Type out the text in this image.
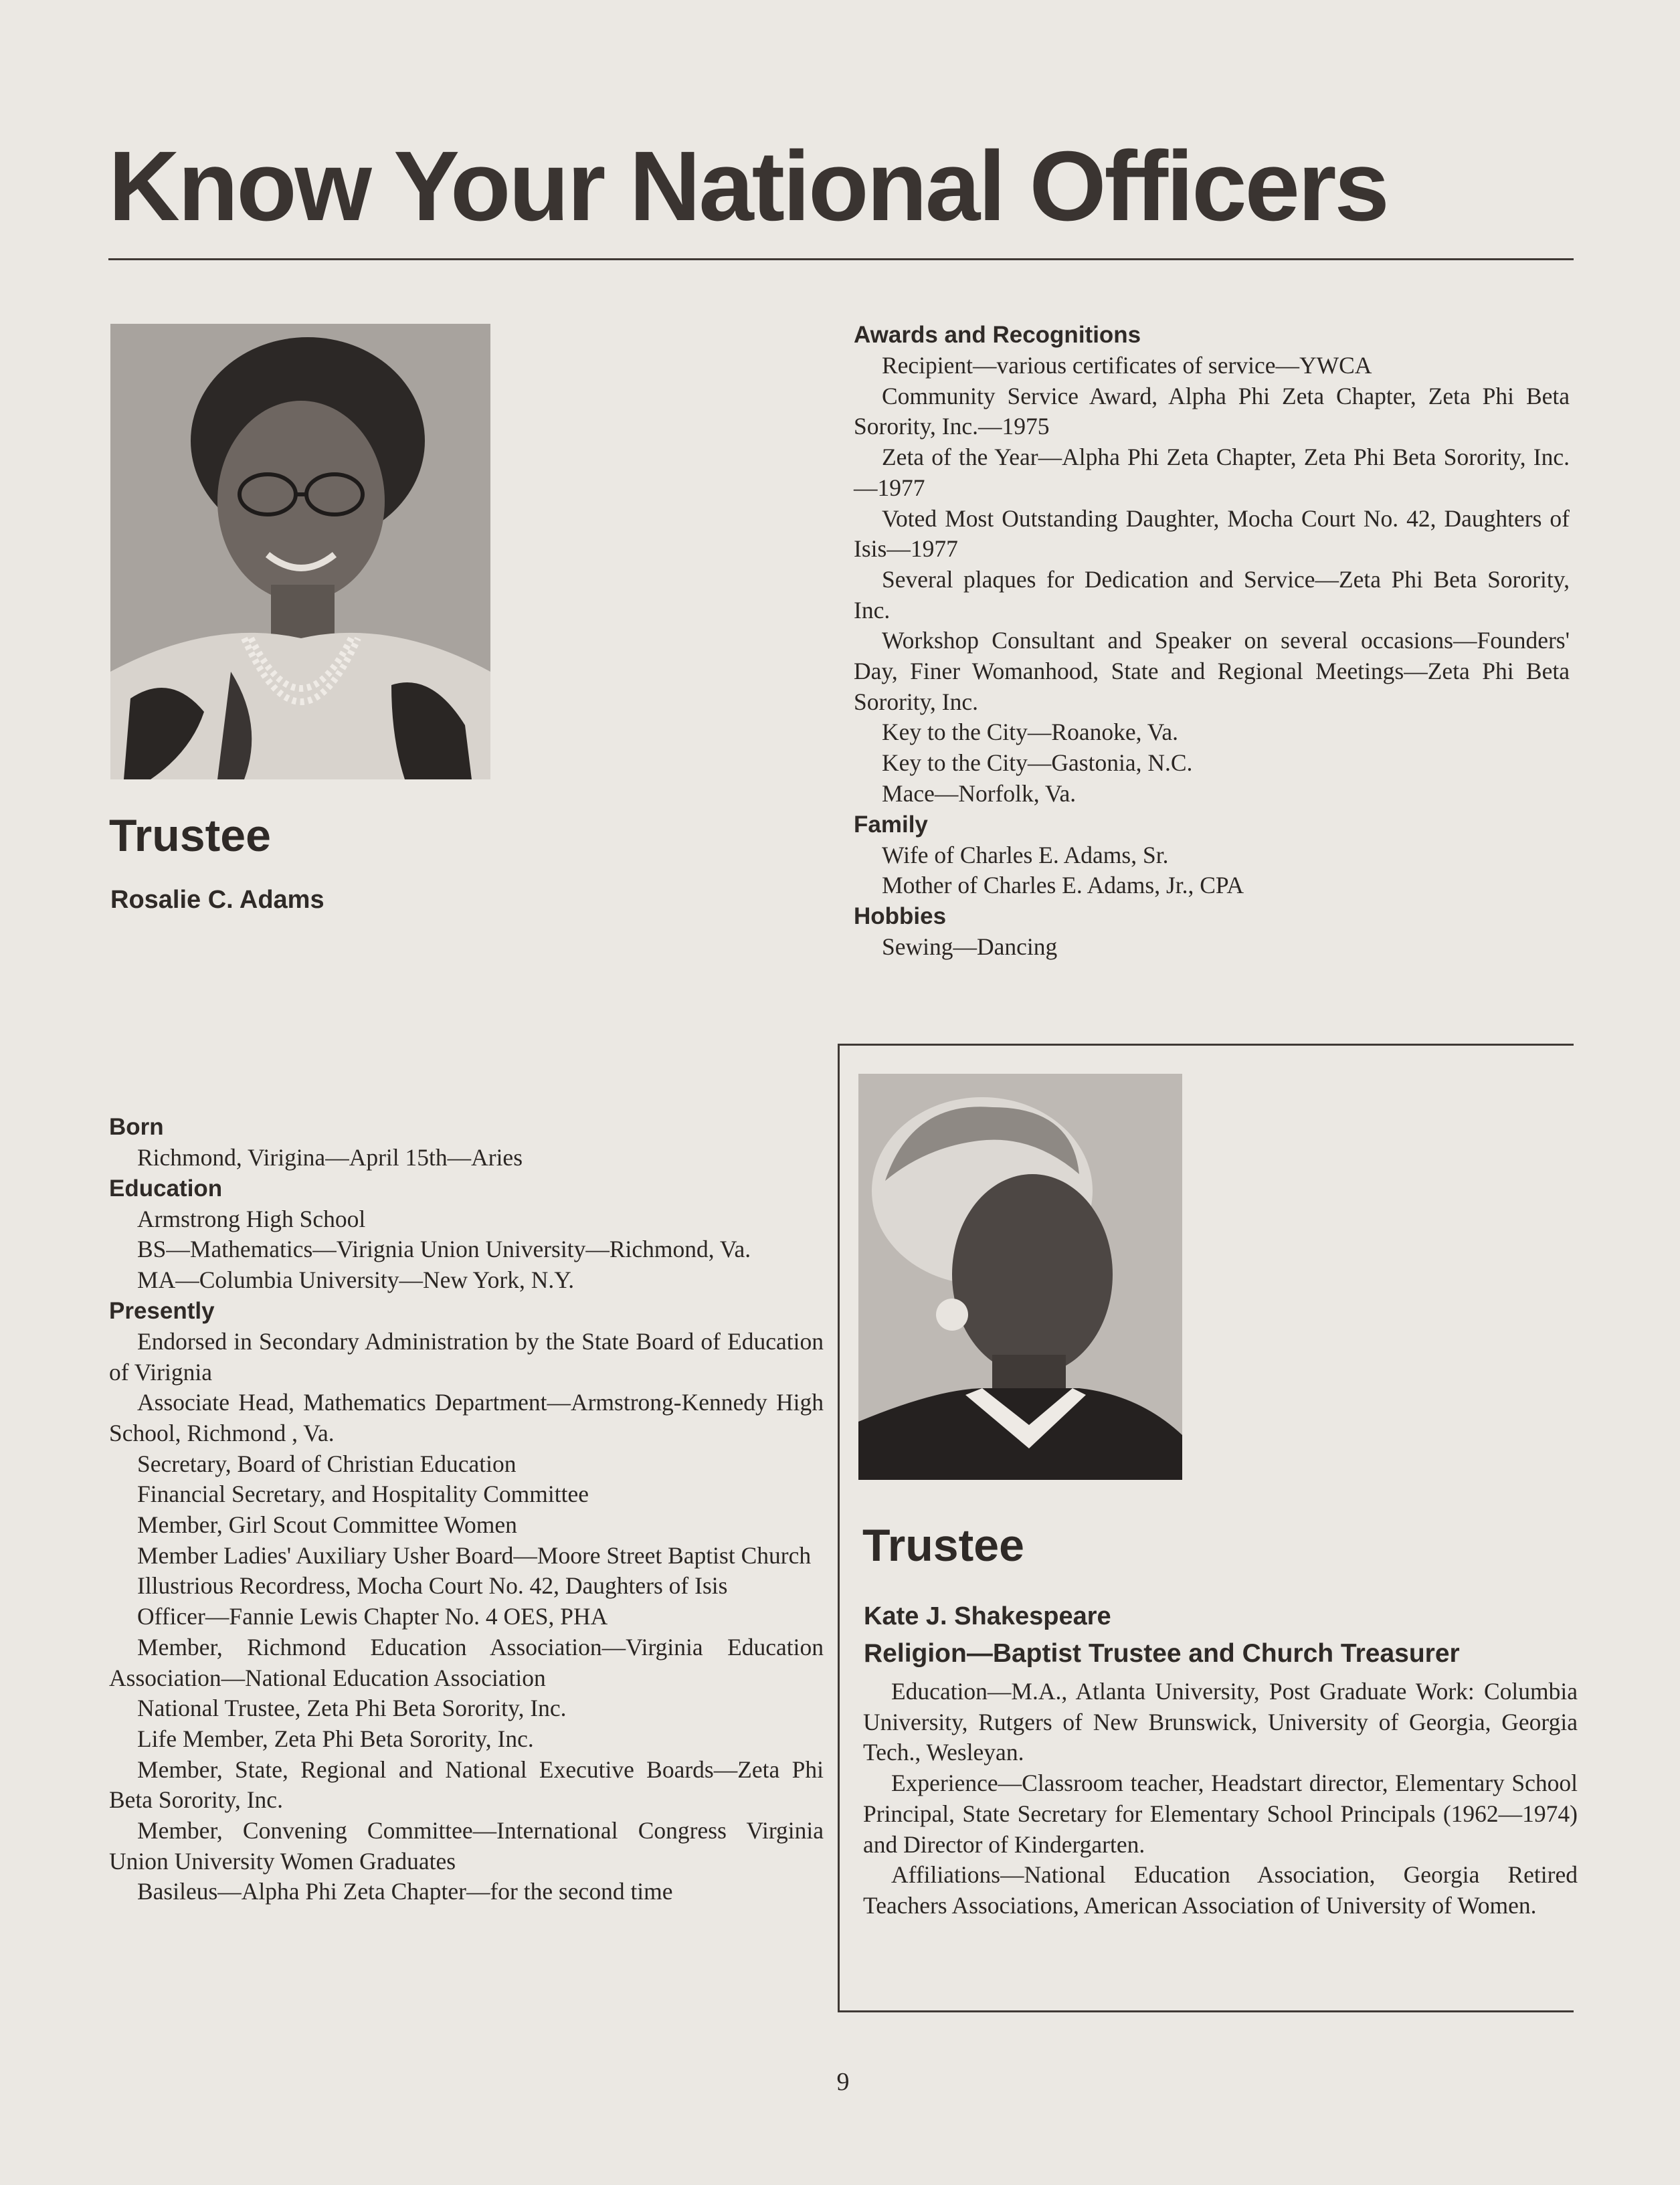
Know Your National Officers
Trustee
Rosalie C. Adams

Born

Richmond, Virigina—April 15th—Aries

Education

Armstrong High School

BS—Mathematics—Virignia Union University—Richmond, Va.

MA—Columbia University—New York, N.Y.

Presently

Endorsed in Secondary Administration by the State Board of Education of Virignia

Associate Head, Mathematics Department—Armstrong-Kennedy High School, Richmond , Va.

Secretary, Board of Christian Education

Financial Secretary, and Hospitality Committee

Member, Girl Scout Committee Women

Member Ladies' Auxiliary Usher Board—Moore Street Baptist Church

Illustrious Recordress, Mocha Court No. 42, Daughters of Isis

Officer—Fannie Lewis Chapter No. 4 OES, PHA

Member, Richmond Education Association—Virginia Education Association—National Education Association

National Trustee, Zeta Phi Beta Sorority, Inc.

Life Member, Zeta Phi Beta Sorority, Inc.

Member, State, Regional and National Executive Boards—Zeta Phi Beta Sorority, Inc.

Member, Convening Committee—International Congress Virginia Union University Women Graduates

Basileus—Alpha Phi Zeta Chapter—for the second time

Awards and Recognitions

Recipient—various certificates of service—YWCA

Community Service Award, Alpha Phi Zeta Chapter, Zeta Phi Beta Sorority, Inc.—1975

Zeta of the Year—Alpha Phi Zeta Chapter, Zeta Phi Beta Sorority, Inc.—1977

Voted Most Outstanding Daughter, Mocha Court No. 42, Daughters of Isis—1977

Several plaques for Dedication and Service—Zeta Phi Beta Sorority, Inc.

Workshop Consultant and Speaker on several occasions—Founders' Day, Finer Womanhood, State and Regional Meetings—Zeta Phi Beta Sorority, Inc.

Key to the City—Roanoke, Va.

Key to the City—Gastonia, N.C.

Mace—Norfolk, Va.

Family

Wife of Charles E. Adams, Sr.

Mother of Charles E. Adams, Jr., CPA

Hobbies

Sewing—Dancing

Trustee
Kate J. Shakespeare
Religion—Baptist Trustee and Church Treasurer

Education—M.A., Atlanta University, Post Graduate Work: Columbia University, Rutgers of New Brunswick, University of Georgia, Georgia Tech., Wesleyan.

Experience—Classroom teacher, Headstart director, Elementary School Principal, State Secretary for Elementary School Principals (1962—1974) and Director of Kindergarten.

Affiliations—National Education Association, Georgia Retired Teachers Associations, American Association of University of Women.

9
